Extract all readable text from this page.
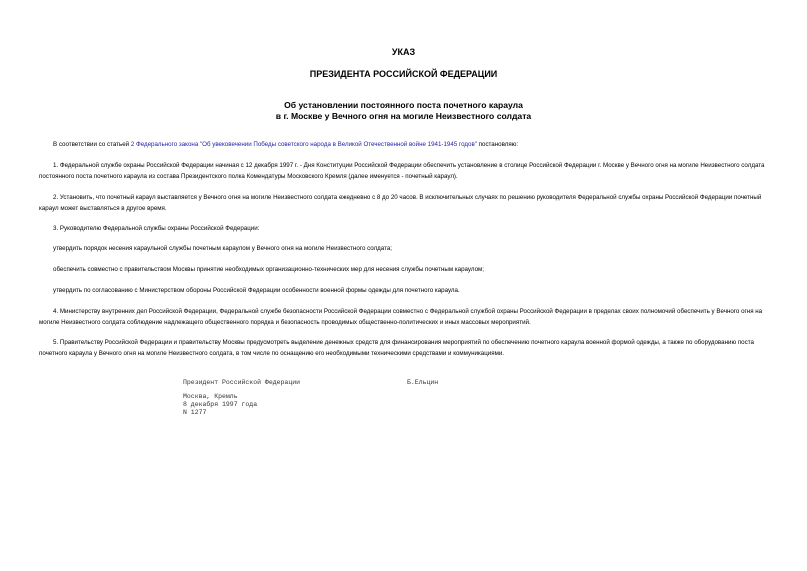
УКАЗ
ПРЕЗИДЕНТА РОССИЙСКОЙ ФЕДЕРАЦИИ
Об установлении постоянного поста почетного караула
в г. Москве у Вечного огня на могиле Неизвестного солдата

В соответствии со статьей 2 Федерального закона "Об увековечении Победы советского народа в Великой Отечественной войне 1941-1945 годов" постановляю:

1. Федеральной службе охраны Российской Федерации начиная с 12 декабря 1997 г. - Дня Конституции Российской Федерации обеспечить установление в столице Российской Федерации г. Москве у Вечного огня на могиле Неизвестного солдата постоянного поста почетного караула из состава Президентского полка Комендатуры Московского Кремля (далее именуется - почетный караул).

2. Установить, что почетный караул выставляется у Вечного огня на могиле Неизвестного солдата ежедневно с 8 до 20 часов. В исключительных случаях по решению руководителя Федеральной службы охраны Российской Федерации почетный караул может выставляться в другое время.

3. Руководителю Федеральной службы охраны Российской Федерации:

утвердить порядок несения караульной службы почетным караулом у Вечного огня на могиле Неизвестного солдата;

обеспечить совместно с правительством Москвы принятие необходимых организационно-технических мер для несения службы почетным караулом;

утвердить по согласованию с Министерством обороны Российской Федерации особенности военной формы одежды для почетного караула.

4. Министерству внутренних дел Российской Федерации, Федеральной службе безопасности Российской Федерации совместно с Федеральной службой охраны Российской Федерации в пределах своих полномочий обеспечить у Вечного огня на могиле Неизвестного солдата соблюдение надлежащего общественного порядка и безопасность проводимых общественно-политических и иных массовых мероприятий.

5. Правительству Российской Федерации и правительству Москвы предусмотреть выделение денежных средств для финансирования мероприятий по обеспечению почетного караула военной формой одежды, а также по оборудованию поста почетного караула у Вечного огня на могиле Неизвестного солдата, в том числе по оснащению его необходимыми техническими средствами и коммуникациями.

Президент Российской Федерации	Б.Ельцин
Москва, Кремль
8 декабря 1997 года
N 1277
